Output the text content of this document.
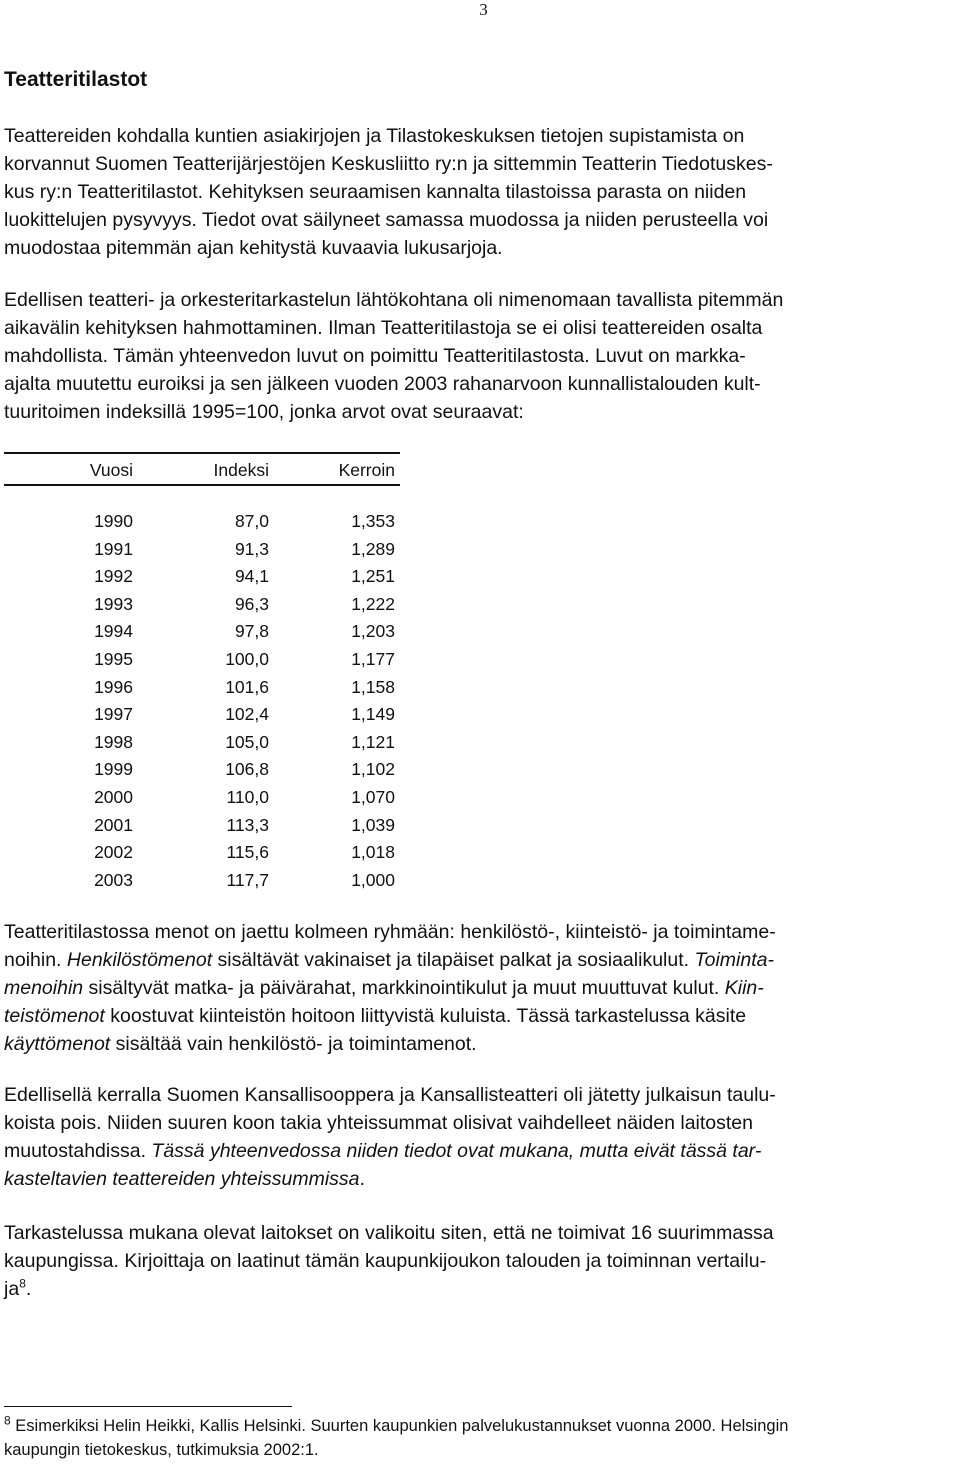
3
Teatteritilastot

Teattereiden kohdalla kuntien asiakirjojen ja Tilastokeskuksen tietojen supistamista on
korvannut Suomen Teatterijärjestöjen Keskusliitto ry:n ja sittemmin Teatterin Tiedotuskes-
kus ry:n Teatteritilastot. Kehityksen seuraamisen kannalta tilastoissa parasta on niiden
luokittelujen pysyvyys. Tiedot ovat säilyneet samassa muodossa ja niiden perusteella voi
muodostaa pitemmän ajan kehitystä kuvaavia lukusarjoja.

Edellisen teatteri- ja orkesteritarkastelun lähtökohtana oli nimenomaan tavallista pitemmän
aikavälin kehityksen hahmottaminen. Ilman Teatteritilastoja se ei olisi teattereiden osalta
mahdollista. Tämän yhteenvedon luvut on poimittu Teatteritilastosta. Luvut on markka-
ajalta muutettu euroiksi ja sen jälkeen vuoden 2003 rahanarvoon kunnallistalouden kult-
tuuritoimen indeksillä 1995=100, jonka arvot ovat seuraavat:

Vuosi	Indeksi	Kerroin
1990	87,0	1,353
1991	91,3	1,289
1992	94,1	1,251
1993	96,3	1,222
1994	97,8	1,203
1995	100,0	1,177
1996	101,6	1,158
1997	102,4	1,149
1998	105,0	1,121
1999	106,8	1,102
2000	110,0	1,070
2001	113,3	1,039
2002	115,6	1,018
2003	117,7	1,000

Teatteritilastossa menot on jaettu kolmeen ryhmään: henkilöstö-, kiinteistö- ja toimintame-
noihin. Henkilöstömenot sisältävät vakinaiset ja tilapäiset palkat ja sosiaalikulut. Toiminta-
menoihin sisältyvät matka- ja päivärahat, markkinointikulut ja muut muuttuvat kulut. Kiin-
teistömenot koostuvat kiinteistön hoitoon liittyvistä kuluista. Tässä tarkastelussa käsite
käyttömenot sisältää vain henkilöstö- ja toimintamenot.

Edellisellä kerralla Suomen Kansallisooppera ja Kansallisteatteri oli jätetty julkaisun taulu-
koista pois. Niiden suuren koon takia yhteissummat olisivat vaihdelleet näiden laitosten
muutostahdissa. Tässä yhteenvedossa niiden tiedot ovat mukana, mutta eivät tässä tar-
kasteltavien teattereiden yhteissummissa.

Tarkastelussa mukana olevat laitokset on valikoitu siten, että ne toimivat 16 suurimmassa
kaupungissa. Kirjoittaja on laatinut tämän kaupunkijoukon talouden ja toiminnan vertailu-
$ja^8$.

$^8$ Esimerkiksi Helin Heikki, Kallis Helsinki. Suurten kaupunkien palvelukustannukset vuonna 2000. Helsingin
kaupungin tietokeskus, tutkimuksia 2002:1.
